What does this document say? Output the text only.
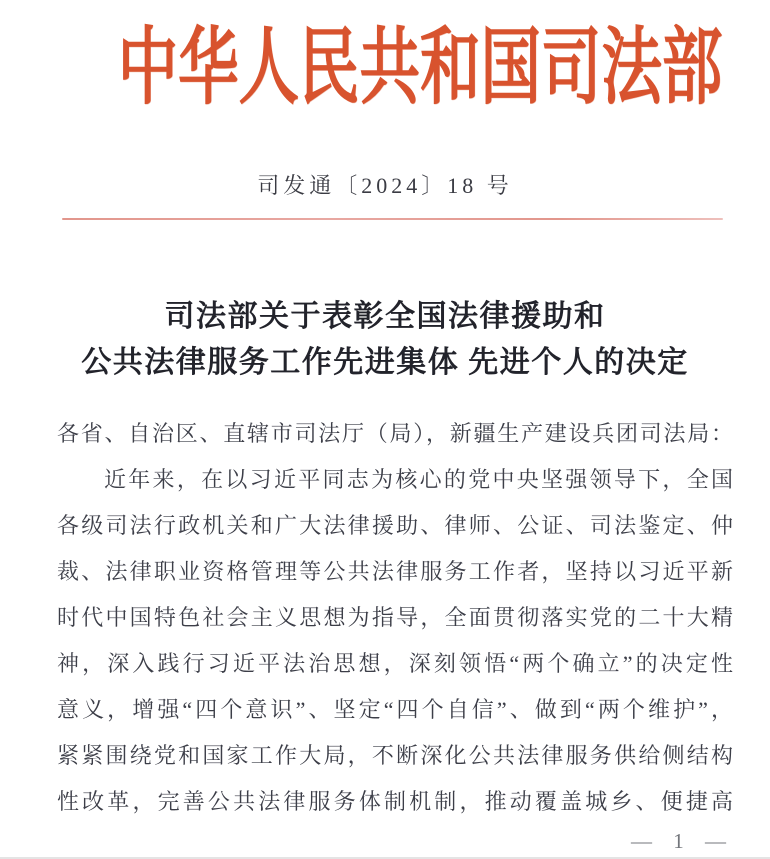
中华人民共和国司法部
司发通〔2024〕18 号
司法部关于表彰全国法律援助和
公共法律服务工作先进集体 先进个人的决定
各省、自治区、直辖市司法厅（局），新疆生产建设兵团司法局：
近年来，在以习近平同志为核心的党中央坚强领导下，全国
各级司法行政机关和广大法律援助、律师、公证、司法鉴定、仲
裁、法律职业资格管理等公共法律服务工作者，坚持以习近平新
时代中国特色社会主义思想为指导，全面贯彻落实党的二十大精
神，深入践行习近平法治思想，深刻领悟“两个确立”的决定性
意义，增强“四个意识”、坚定“四个自信”、做到“两个维护”，
紧紧围绕党和国家工作大局，不断深化公共法律服务供给侧结构
性改革，完善公共法律服务体制机制，推动覆盖城乡、便捷高
— 1 —
